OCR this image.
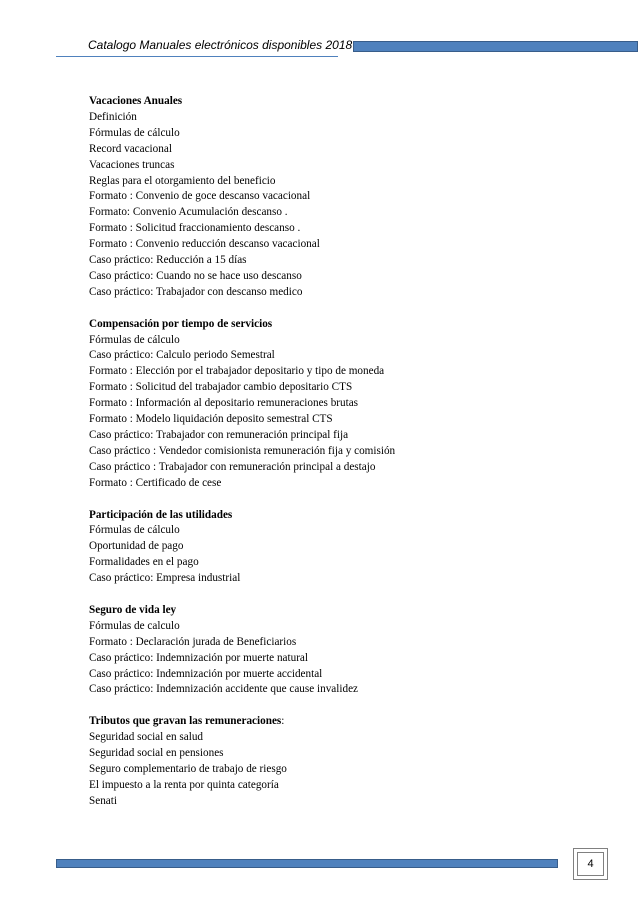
Catalogo Manuales electrónicos disponibles 2018
Vacaciones Anuales
Definición
Fórmulas de cálculo
Record vacacional
Vacaciones truncas
Reglas para el otorgamiento del beneficio
Formato : Convenio de goce descanso vacacional
Formato: Convenio Acumulación descanso .
Formato : Solicitud fraccionamiento descanso .
Formato : Convenio reducción descanso vacacional
Caso práctico: Reducción a 15 días
Caso práctico: Cuando no se hace uso descanso
Caso práctico: Trabajador con descanso medico
Compensación por tiempo de servicios
Fórmulas de cálculo
Caso práctico: Calculo periodo Semestral
Formato : Elección por el trabajador depositario y tipo de moneda
Formato : Solicitud del trabajador cambio depositario CTS
Formato : Información al depositario remuneraciones brutas
Formato : Modelo liquidación deposito semestral CTS
Caso práctico: Trabajador con remuneración principal fija
Caso práctico : Vendedor comisionista remuneración fija y comisión
Caso práctico : Trabajador con remuneración principal a destajo
Formato : Certificado de cese
Participación de las utilidades
Fórmulas de cálculo
Oportunidad de pago
Formalidades en el pago
Caso práctico: Empresa industrial
Seguro de vida ley
Fórmulas de calculo
Formato : Declaración jurada de Beneficiarios
Caso práctico: Indemnización por muerte natural
Caso práctico: Indemnización por muerte accidental
Caso práctico: Indemnización accidente que cause invalidez
Tributos que gravan las remuneraciones:
Seguridad social en salud
Seguridad social en pensiones
Seguro complementario de trabajo de riesgo
El impuesto a la renta por quinta categoría
Senati
4
